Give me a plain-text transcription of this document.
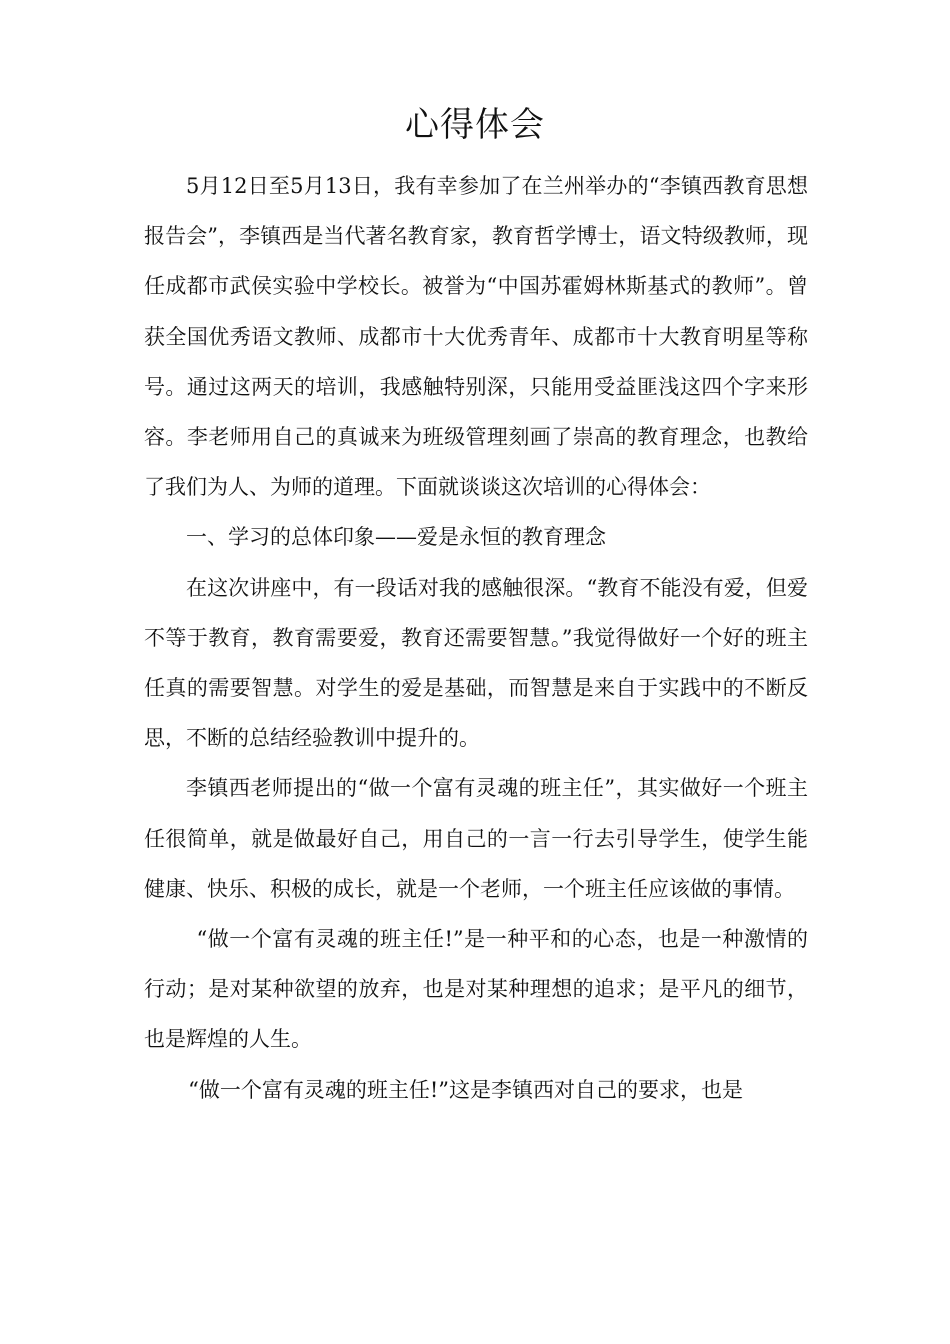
心得体会

5月12日至5月13日，我有幸参加了在兰州举办的“李镇西教育思想报告会”，李镇西是当代著名教育家，教育哲学博士，语文特级教师，现任成都市武侯实验中学校长。被誉为“中国苏霍姆林斯基式的教师”。曾获全国优秀语文教师、成都市十大优秀青年、成都市十大教育明星等称号。通过这两天的培训，我感触特别深，只能用受益匪浅这四个字来形容。李老师用自己的真诚来为班级管理刻画了崇高的教育理念，也教给了我们为人、为师的道理。下面就谈谈这次培训的心得体会：

一、学习的总体印象——爱是永恒的教育理念

在这次讲座中，有一段话对我的感触很深。“教育不能没有爱，但爱不等于教育，教育需要爱，教育还需要智慧。”我觉得做好一个好的班主任真的需要智慧。对学生的爱是基础，而智慧是来自于实践中的不断反思，不断的总结经验教训中提升的。

李镇西老师提出的“做一个富有灵魂的班主任”，其实做好一个班主任很简单，就是做最好自己，用自己的一言一行去引导学生，使学生能健康、快乐、积极的成长，就是一个老师，一个班主任应该做的事情。

“做一个富有灵魂的班主任!”是一种平和的心态，也是一种激情的行动；是对某种欲望的放弃，也是对某种理想的追求；是平凡的细节，也是辉煌的人生。

“做一个富有灵魂的班主任!”这是李镇西对自己的要求，也是
